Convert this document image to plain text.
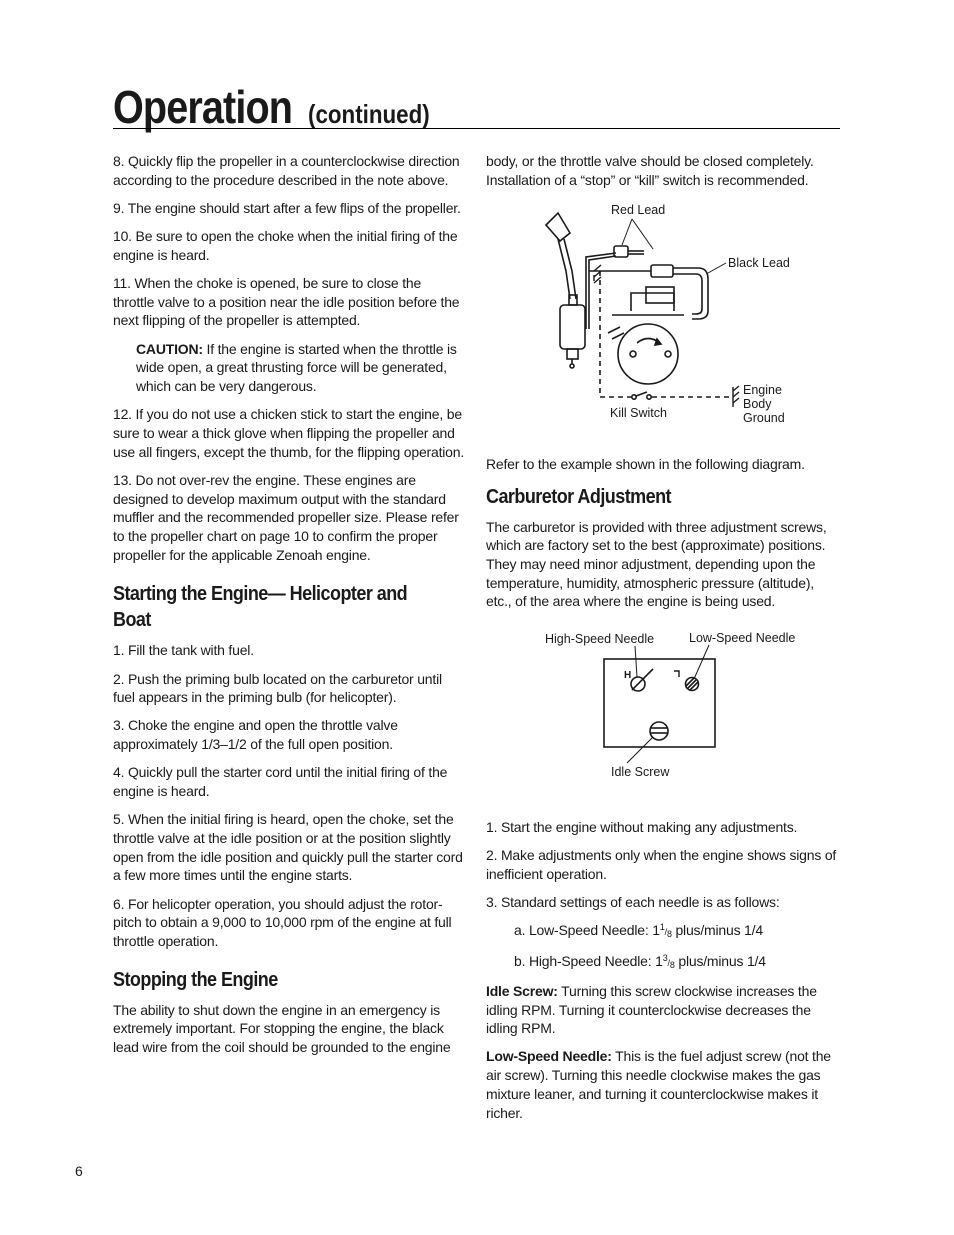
Operation (continued)

8. Quickly flip the propeller in a counterclockwise direction according to the procedure described in the note above.

9. The engine should start after a few flips of the propeller.

10. Be sure to open the choke when the initial firing of the engine is heard.

11. When the choke is opened, be sure to close the throttle valve to a position near the idle position before the next flipping of the propeller is attempted.

CAUTION: If the engine is started when the throttle is wide open, a great thrusting force will be generated, which can be very dangerous.

12. If you do not use a chicken stick to start the engine, be sure to wear a thick glove when flipping the propeller and use all fingers, except the thumb, for the flipping operation.

13. Do not over-rev the engine. These engines are designed to develop maximum output with the standard muffler and the recommended propeller size. Please refer to the propeller chart on page 10 to confirm the proper propeller for the applicable Zenoah engine.

Starting the Engine— Helicopter and Boat

1. Fill the tank with fuel.

2. Push the priming bulb located on the carburetor until fuel appears in the priming bulb (for helicopter).

3. Choke the engine and open the throttle valve approximately 1/3–1/2 of the full open position.

4. Quickly pull the starter cord until the initial firing of the engine is heard.

5. When the initial firing is heard, open the choke, set the throttle valve at the idle position or at the position slightly open from the idle position and quickly pull the starter cord a few more times until the engine starts.

6. For helicopter operation, you should adjust the rotor-pitch to obtain a 9,000 to 10,000 rpm of the engine at full throttle operation.

Stopping the Engine

The ability to shut down the engine in an emergency is extremely important. For stopping the engine, the black lead wire from the coil should be grounded to the engine

body, or the throttle valve should be closed completely. Installation of a “stop” or “kill” switch is recommended.

Red Lead
Black Lead
Kill Switch
Engine
Body
Ground

Refer to the example shown in the following diagram.

Carburetor Adjustment

The carburetor is provided with three adjustment screws, which are factory set to the best (approximate) positions. They may need minor adjustment, depending upon the temperature, humidity, atmospheric pressure (altitude), etc., of the area where the engine is being used.

H
High-Speed Needle	Low-Speed Needle
Idle Screw

1. Start the engine without making any adjustments.

2. Make adjustments only when the engine shows signs of inefficient operation.

3. Standard settings of each needle is as follows:

a. Low-Speed Needle: 11/8 plus/minus 1/4

b. High-Speed Needle: 13/8 plus/minus 1/4

Idle Screw: Turning this screw clockwise increases the idling RPM. Turning it counterclockwise decreases the idling RPM.

Low-Speed Needle: This is the fuel adjust screw (not the air screw). Turning this needle clockwise makes the gas mixture leaner, and turning it counterclockwise makes it richer.

6
